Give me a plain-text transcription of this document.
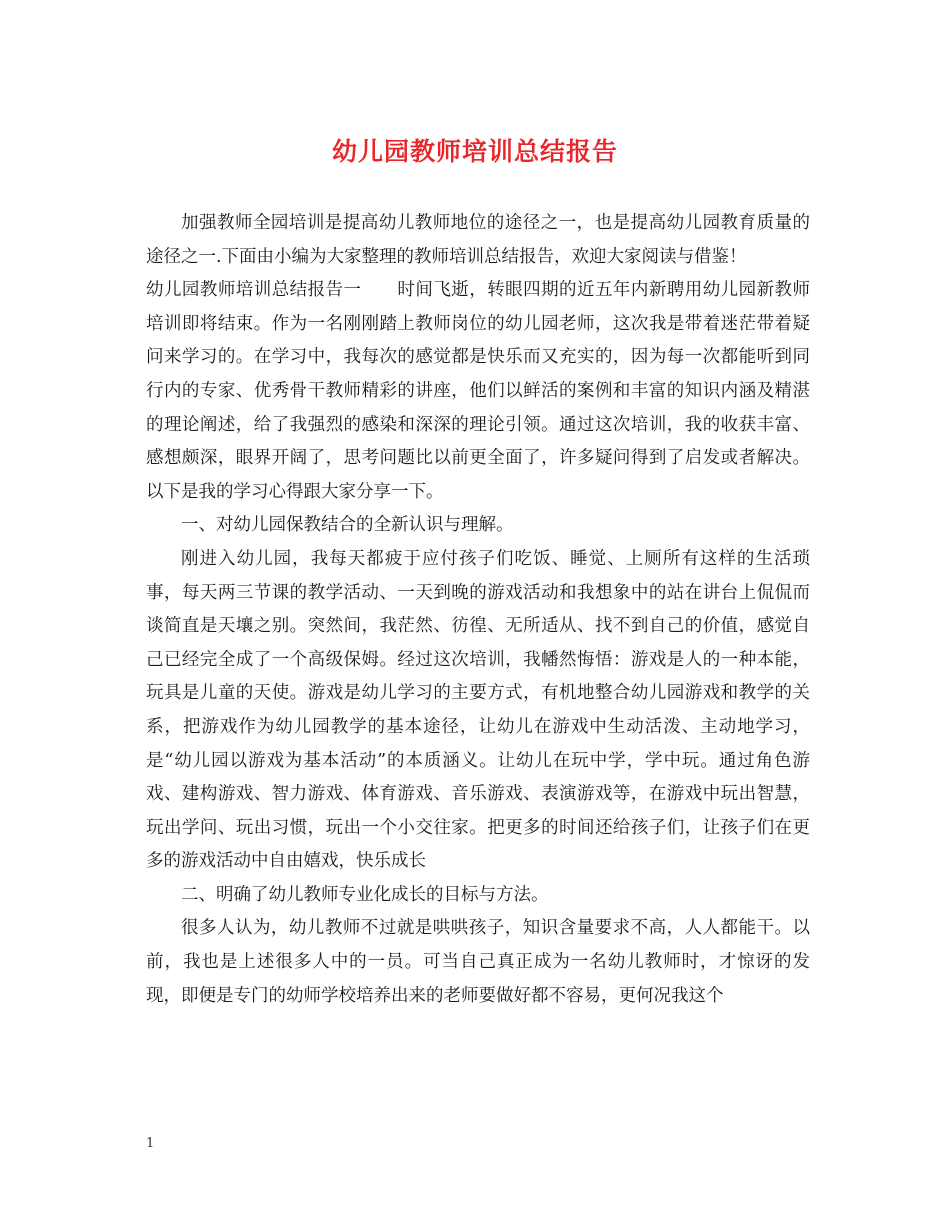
幼儿园教师培训总结报告

加强教师全园培训是提高幼儿教师地位的途径之一，也是提高幼儿园教育质量的途径之一.下面由小编为大家整理的教师培训总结报告，欢迎大家阅读与借鉴！

幼儿园教师培训总结报告一　　时间飞逝，转眼四期的近五年内新聘用幼儿园新教师培训即将结束。作为一名刚刚踏上教师岗位的幼儿园老师，这次我是带着迷茫带着疑问来学习的。在学习中，我每次的感觉都是快乐而又充实的，因为每一次都能听到同行内的专家、优秀骨干教师精彩的讲座，他们以鲜活的案例和丰富的知识内涵及精湛的理论阐述，给了我强烈的感染和深深的理论引领。通过这次培训，我的收获丰富、感想颇深，眼界开阔了，思考问题比以前更全面了，许多疑问得到了启发或者解决。以下是我的学习心得跟大家分享一下。

一、对幼儿园保教结合的全新认识与理解。

刚进入幼儿园，我每天都疲于应付孩子们吃饭、睡觉、上厕所有这样的生活琐事，每天两三节课的教学活动、一天到晚的游戏活动和我想象中的站在讲台上侃侃而谈简直是天壤之别。突然间，我茫然、彷徨、无所适从、找不到自己的价值，感觉自己已经完全成了一个高级保姆。经过这次培训，我幡然悔悟：游戏是人的一种本能，玩具是儿童的天使。游戏是幼儿学习的主要方式，有机地整合幼儿园游戏和教学的关系，把游戏作为幼儿园教学的基本途径，让幼儿在游戏中生动活泼、主动地学习，是“幼儿园以游戏为基本活动”的本质涵义。让幼儿在玩中学，学中玩。通过角色游戏、建构游戏、智力游戏、体育游戏、音乐游戏、表演游戏等，在游戏中玩出智慧，玩出学问、玩出习惯，玩出一个小交往家。把更多的时间还给孩子们，让孩子们在更多的游戏活动中自由嬉戏，快乐成长

二、明确了幼儿教师专业化成长的目标与方法。

很多人认为，幼儿教师不过就是哄哄孩子，知识含量要求不高，人人都能干。以前，我也是上述很多人中的一员。可当自己真正成为一名幼儿教师时，才惊讶的发现，即便是专门的幼师学校培养出来的老师要做好都不容易，更何况我这个

1
